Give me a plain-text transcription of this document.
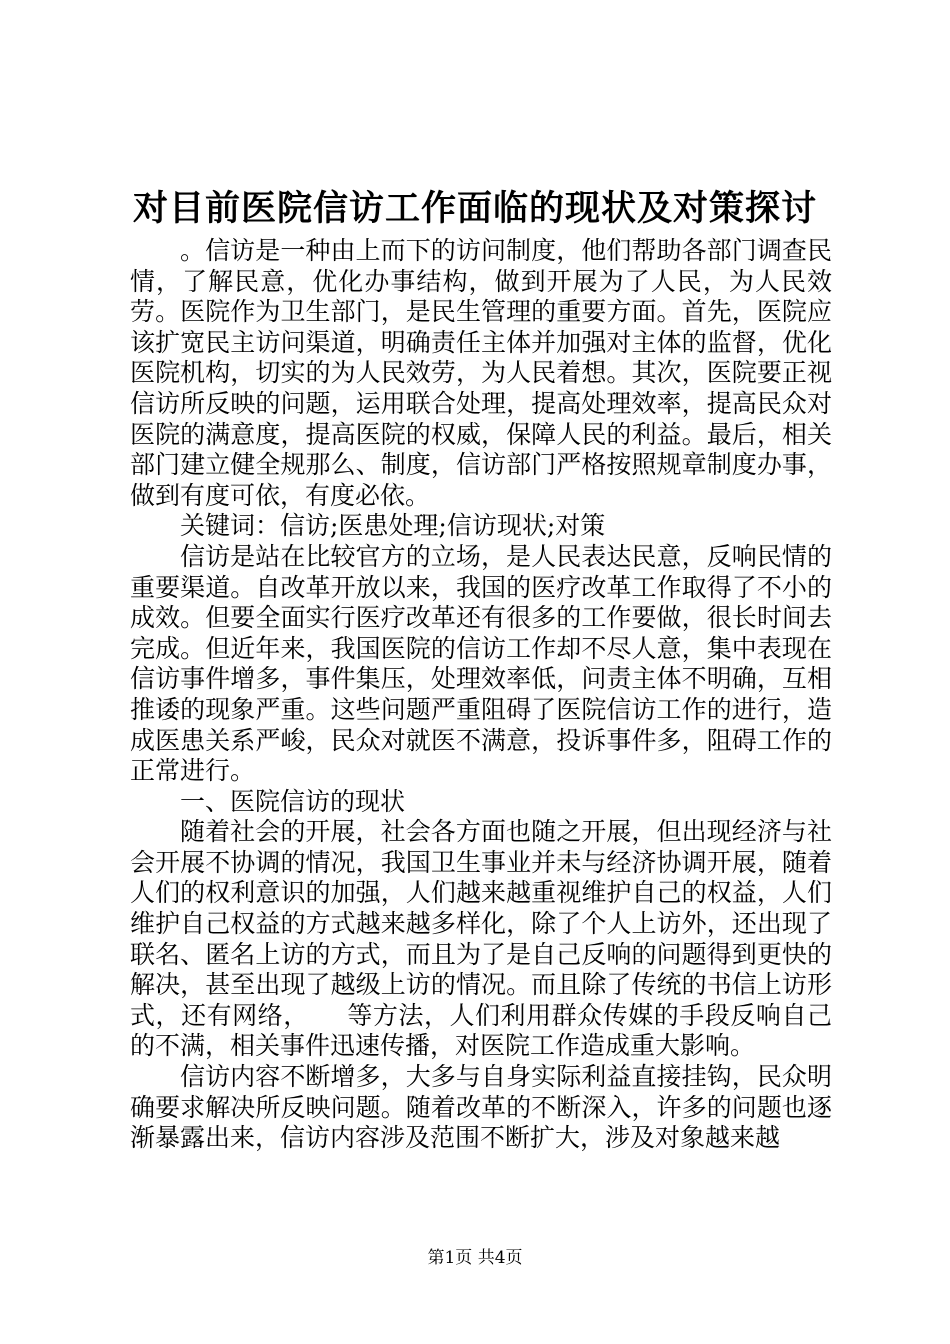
对目前医院信访工作面临的现状及对策探讨

。信访是一种由上而下的访问制度，他们帮助各部门调查民情，了解民意，优化办事结构，做到开展为了人民，为人民效劳。医院作为卫生部门，是民生管理的重要方面。首先，医院应该扩宽民主访问渠道，明确责任主体并加强对主体的监督，优化医院机构，切实的为人民效劳，为人民着想。其次，医院要正视信访所反映的问题，运用联合处理，提高处理效率，提高民众对医院的满意度，提高医院的权威，保障人民的利益。最后，相关部门建立健全规那么、制度，信访部门严格按照规章制度办事，做到有度可依，有度必依。

关键词：信访;医患处理;信访现状;对策

信访是站在比较官方的立场，是人民表达民意，反响民情的重要渠道。自改革开放以来，我国的医疗改革工作取得了不小的成效。但要全面实行医疗改革还有很多的工作要做，很长时间去完成。但近年来，我国医院的信访工作却不尽人意，集中表现在信访事件增多，事件集压，处理效率低，问责主体不明确，互相推诿的现象严重。这些问题严重阻碍了医院信访工作的进行，造成医患关系严峻，民众对就医不满意，投诉事件多，阻碍工作的正常进行。

一、医院信访的现状

随着社会的开展，社会各方面也随之开展，但出现经济与社会开展不协调的情况，我国卫生事业并未与经济协调开展，随着人们的权利意识的加强，人们越来越重视维护自己的权益，人们维护自己权益的方式越来越多样化，除了个人上访外，还出现了联名、匿名上访的方式，而且为了是自己反响的问题得到更快的解决，甚至出现了越级上访的情况。而且除了传统的书信上访形式，还有网络，　　等方法，人们利用群众传媒的手段反响自己的不满，相关事件迅速传播，对医院工作造成重大影响。

信访内容不断增多，大多与自身实际利益直接挂钩，民众明确要求解决所反映问题。随着改革的不断深入，许多的问题也逐渐暴露出来，信访内容涉及范围不断扩大，涉及对象越来越

第1页 共4页
